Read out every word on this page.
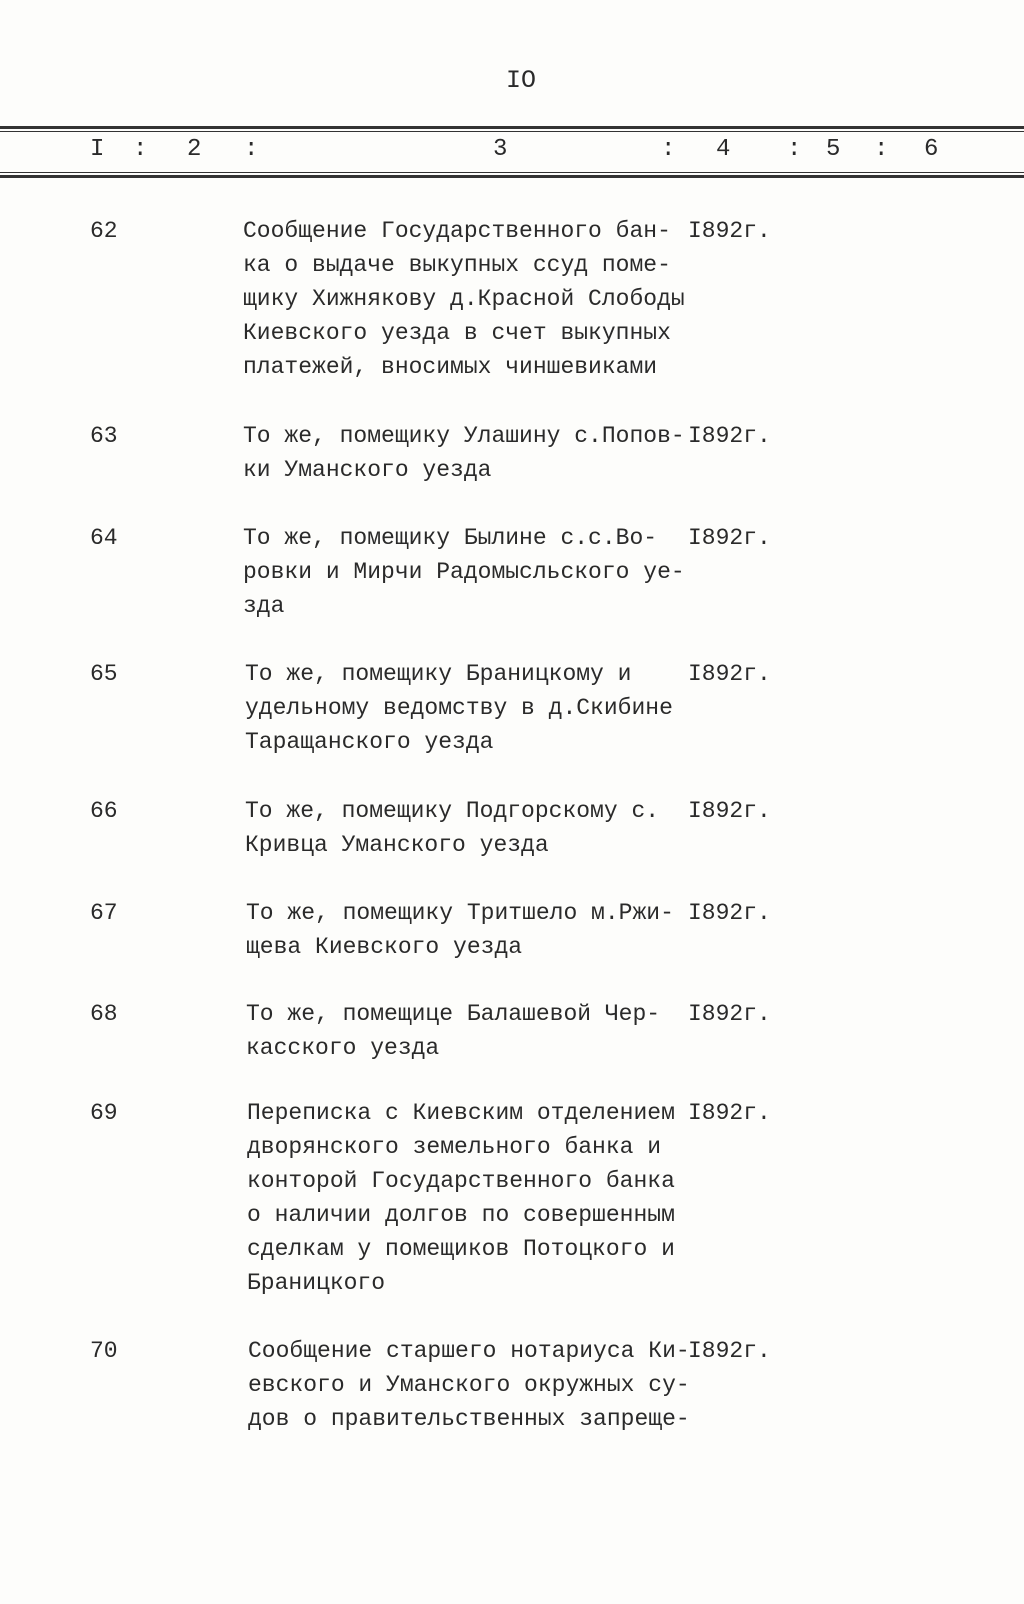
IO
I : 2 :	3	: 4 : 5 : 6
62	Сообщение Государственного бан-
ка о выдаче выкупных ссуд поме-
щику Хижнякову д.Красной Слободы
Киевского уезда в счет выкупных
платежей, вносимых чиншевиками
I892г.
63	То же, помещику Улашину с.Попов-
ки Уманского уезда
I892г.
64	То же, помещику Былине с.с.Во-
ровки и Мирчи Радомысльского уе-
зда
I892г.
65	То же, помещику Браницкому и
удельному ведомству в д.Скибине
Таращанского уезда
I892г.
66	То же, помещику Подгорскому с.
Кривца Уманского уезда
I892г.
67	То же, помещику Тритшело м.Ржи-
щева Киевского уезда
I892г.
68	То же, помещице Балашевой Чер-
касского уезда
I892г.
69	Переписка с Киевским отделением
дворянского земельного банка и
конторой Государственного банка
о наличии долгов по совершенным
сделкам у помещиков Потоцкого и
Браницкого
I892г.
70	Сообщение старшего нотариуса Ки-
евского и Уманского окружных су-
дов о правительственных запреще-
I892г.
